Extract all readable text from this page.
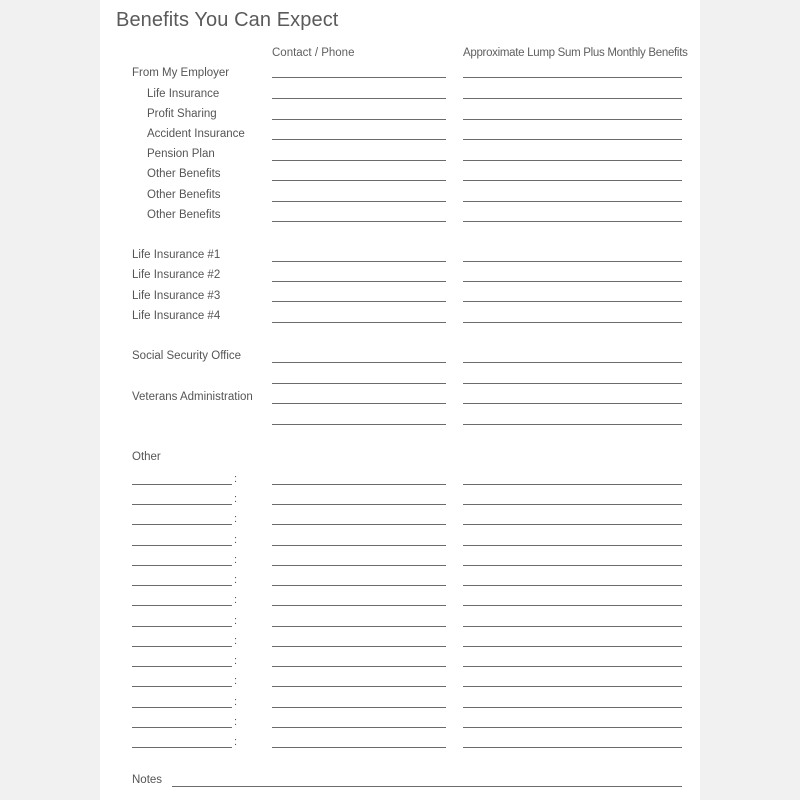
Benefits You Can Expect
Contact / Phone	Approximate Lump Sum Plus Monthly Benefits
From My Employer
Life Insurance
Profit Sharing
Accident Insurance
Pension Plan
Other Benefits
Other Benefits
Other Benefits
Life Insurance #1
Life Insurance #2
Life Insurance #3
Life Insurance #4
Social Security Office
Veterans Administration
Other
Notes
:
:
:
:
:
:
:
:
:
:
:
:
:
:
